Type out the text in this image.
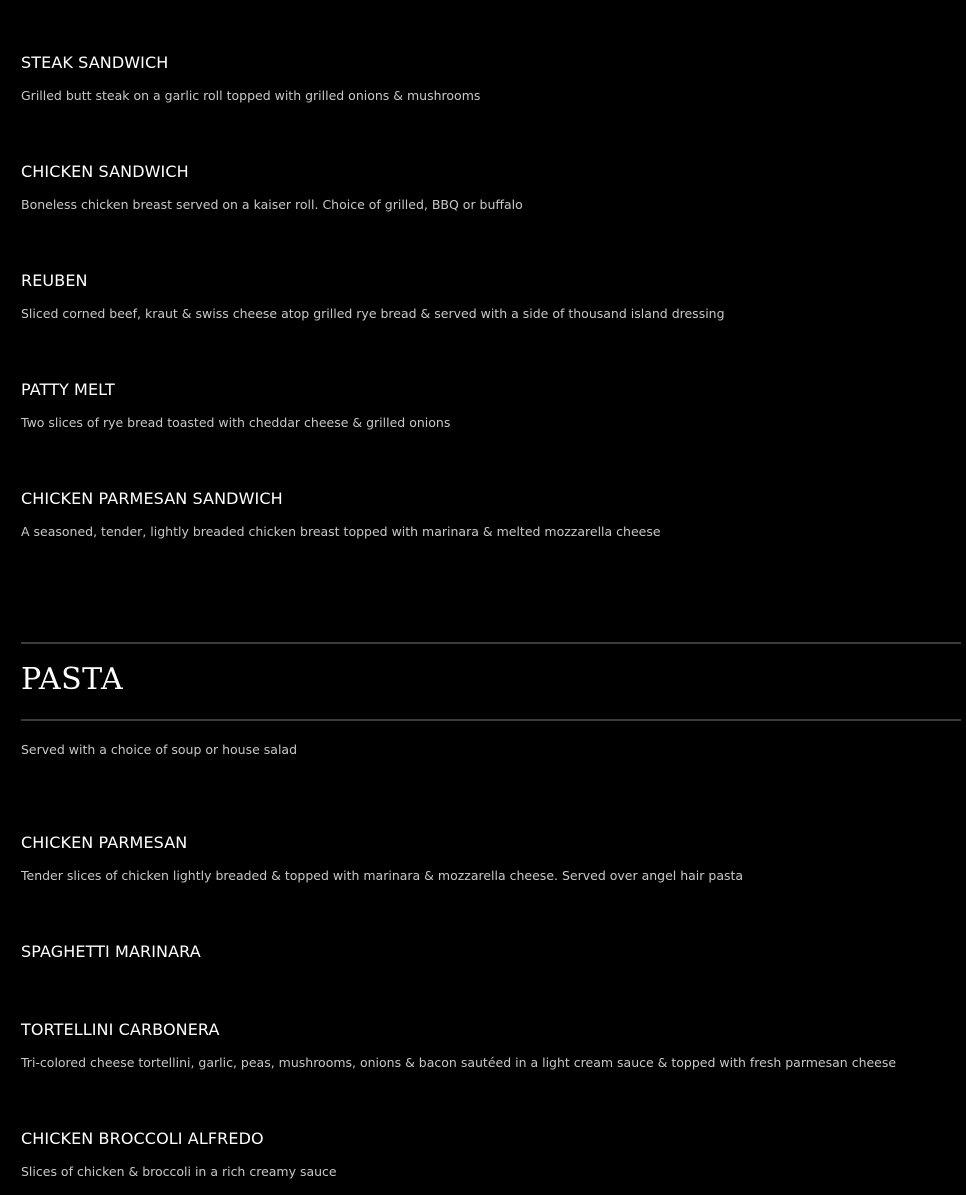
STEAK SANDWICH
Grilled butt steak on a garlic roll topped with grilled onions & mushrooms
CHICKEN SANDWICH
Boneless chicken breast served on a kaiser roll. Choice of grilled, BBQ or buffalo
REUBEN
Sliced corned beef, kraut & swiss cheese atop grilled rye bread & served with a side of thousand island dressing
PATTY MELT
Two slices of rye bread toasted with cheddar cheese & grilled onions
CHICKEN PARMESAN SANDWICH
A seasoned, tender, lightly breaded chicken breast topped with marinara & melted mozzarella cheese
PASTA
Served with a choice of soup or house salad
CHICKEN PARMESAN
Tender slices of chicken lightly breaded & topped with marinara & mozzarella cheese. Served over angel hair pasta
SPAGHETTI MARINARA
TORTELLINI CARBONERA
Tri-colored cheese tortellini, garlic, peas, mushrooms, onions & bacon sautéed in a light cream sauce & topped with fresh parmesan cheese
CHICKEN BROCCOLI ALFREDO
Slices of chicken & broccoli in a rich creamy sauce
